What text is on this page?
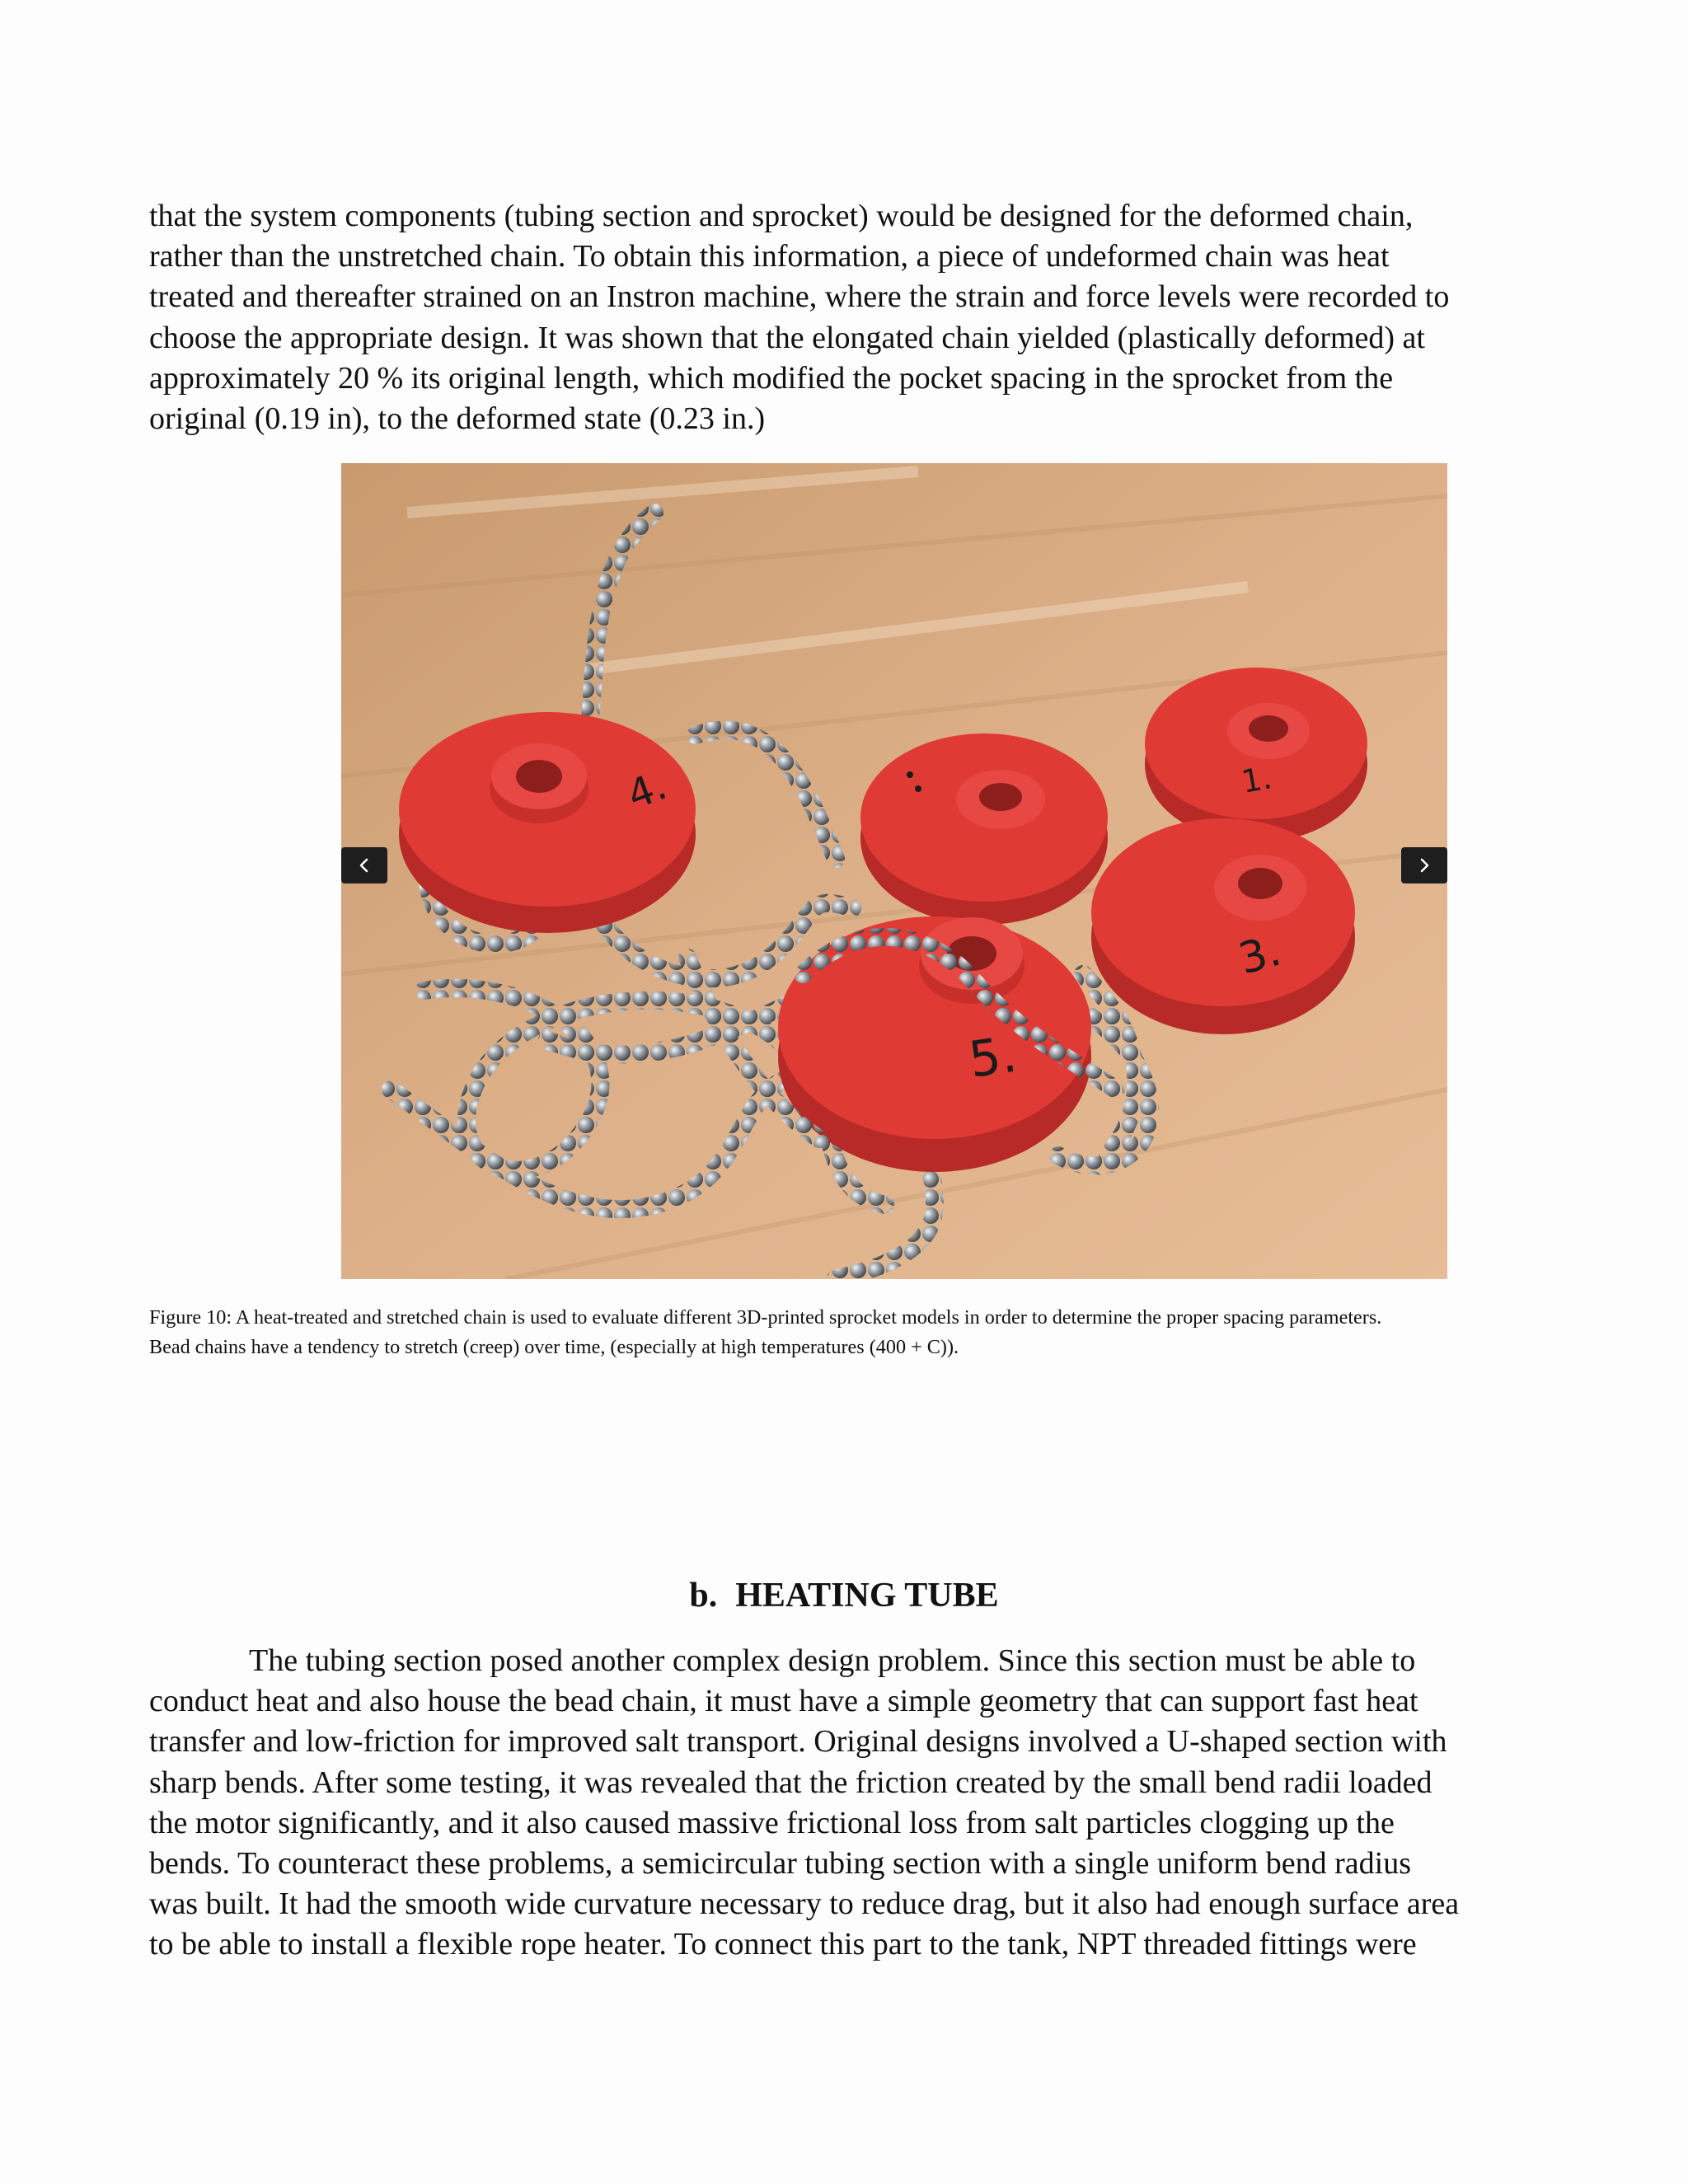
that the system components (tubing section and sprocket) would be designed for the deformed chain,
rather than the unstretched chain. To obtain this information, a piece of undeformed chain was heat
treated and thereafter strained on an Instron machine, where the strain and force levels were recorded to
choose the appropriate design. It was shown that the elongated chain yielded (plastically deformed) at
approximately 20 % its original length, which modified the pocket spacing in the sprocket from the
original (0.19 in), to the deformed state (0.23 in.)
4.	1.
3.
5.
Figure 10: A heat-treated and stretched chain is used to evaluate different 3D-printed sprocket models in order to determine the proper spacing parameters.
Bead chains have a tendency to stretch (creep) over time, (especially at high temperatures (400 + C)).
b. HEATING TUBE
The tubing section posed another complex design problem. Since this section must be able to
conduct heat and also house the bead chain, it must have a simple geometry that can support fast heat
transfer and low-friction for improved salt transport. Original designs involved a U-shaped section with
sharp bends. After some testing, it was revealed that the friction created by the small bend radii loaded
the motor significantly, and it also caused massive frictional loss from salt particles clogging up the
bends. To counteract these problems, a semicircular tubing section with a single uniform bend radius
was built. It had the smooth wide curvature necessary to reduce drag, but it also had enough surface area
to be able to install a flexible rope heater. To connect this part to the tank, NPT threaded fittings were
